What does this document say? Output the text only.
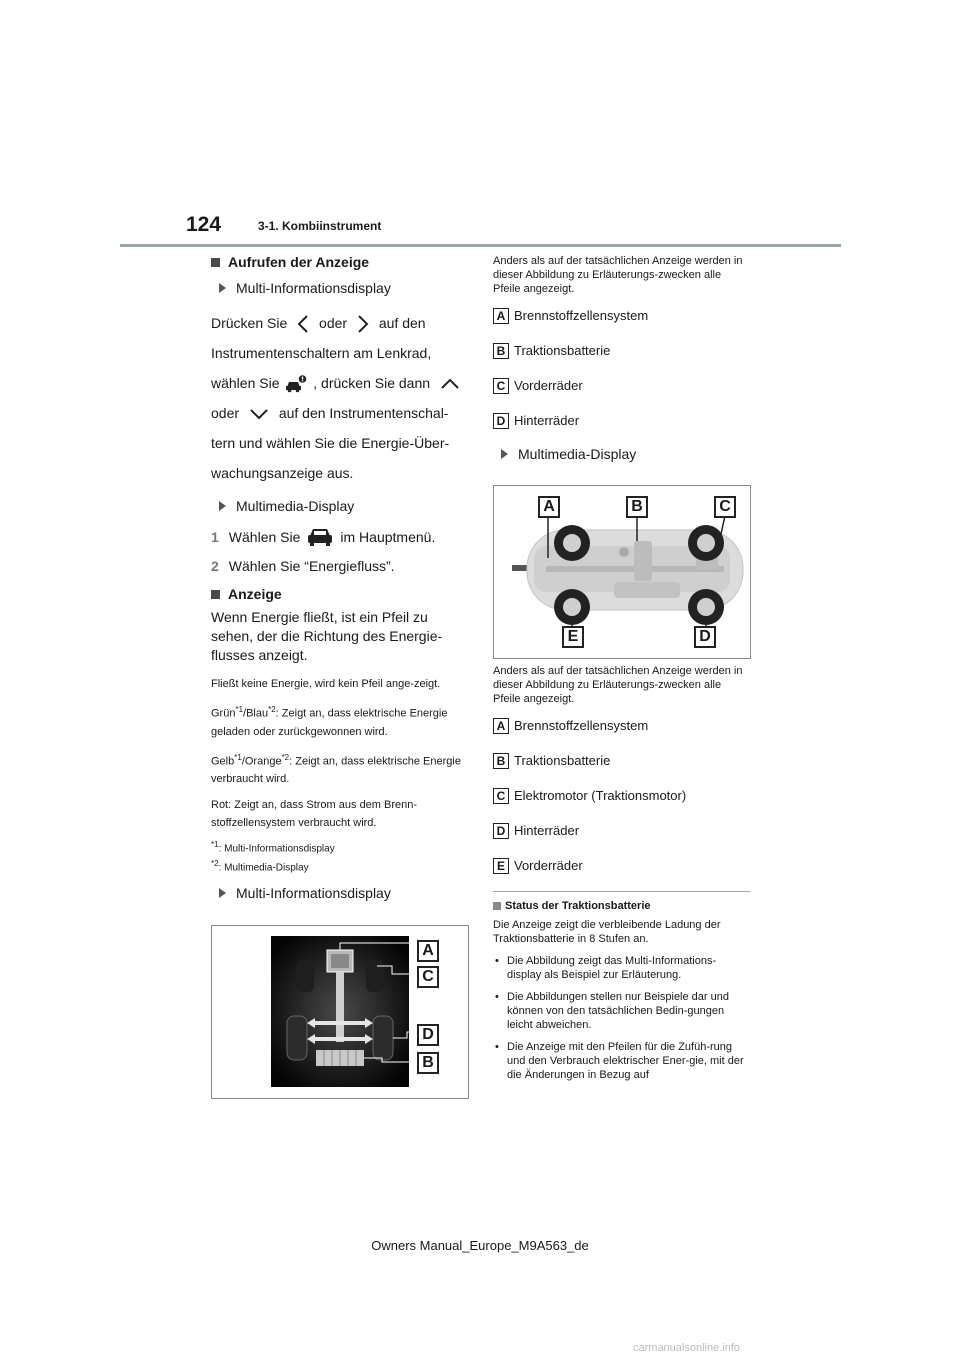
124	3-1. Kombiinstrument
Aufrufen der Anzeige
Multi-Informationsdisplay

Drücken Sie oder auf den

Instrumentenschaltern am Lenkrad,

wählen Sie , drücken Sie dann

oder	auf den Instrumentenschal-

tern und wählen Sie die Energie-Über-

wachungsanzeige aus.

Multimedia-Display
1 Wählen Sie	im Hauptmenü.
2 Wählen Sie “Energiefluss”.
Anzeige

Wenn Energie fließt, ist ein Pfeil zu sehen, der die Richtung des Energie-flusses anzeigt.

Fließt keine Energie, wird kein Pfeil ange-zeigt.

Grün$^{*1}$/Blau$^{*2}$: Zeigt an, dass elektrische Energie geladen oder zurückgewonnen wird.

Gelb$^{*1}$/Orange$^{*2}$: Zeigt an, dass elektrische Energie verbraucht wird.

Rot: Zeigt an, dass Strom aus dem Brenn-stoffzellensystem verbraucht wird.

$^{*1}$: Multi-Informationsdisplay

$^{*2}$: Multimedia-Display

Multi-Informationsdisplay
A
C
D
B

Anders als auf der tatsächlichen Anzeige werden in dieser Abbildung zu Erläuterungs-zwecken alle Pfeile angezeigt.

A Brennstoffzellensystem
B Traktionsbatterie
C Vorderräder
D Hinterräder
Multimedia-Display
A	B	C
E	D

Anders als auf der tatsächlichen Anzeige werden in dieser Abbildung zu Erläuterungs-zwecken alle Pfeile angezeigt.

A Brennstoffzellensystem
B Traktionsbatterie
C Elektromotor (Traktionsmotor)
D Hinterräder
E Vorderräder
Status der Traktionsbatterie

Die Anzeige zeigt die verbleibende Ladung der Traktionsbatterie in 8 Stufen an.

• Die Abbildung zeigt das Multi-Informations-display als Beispiel zur Erläuterung.
• Die Abbildungen stellen nur Beispiele dar und können von den tatsächlichen Bedin-gungen leicht abweichen.
• Die Anzeige mit den Pfeilen für die Zufüh-rung und den Verbrauch elektrischer Ener-gie, mit der die Änderungen in Bezug auf
Owners Manual_Europe_M9A563_de
carmanualsonline.info
